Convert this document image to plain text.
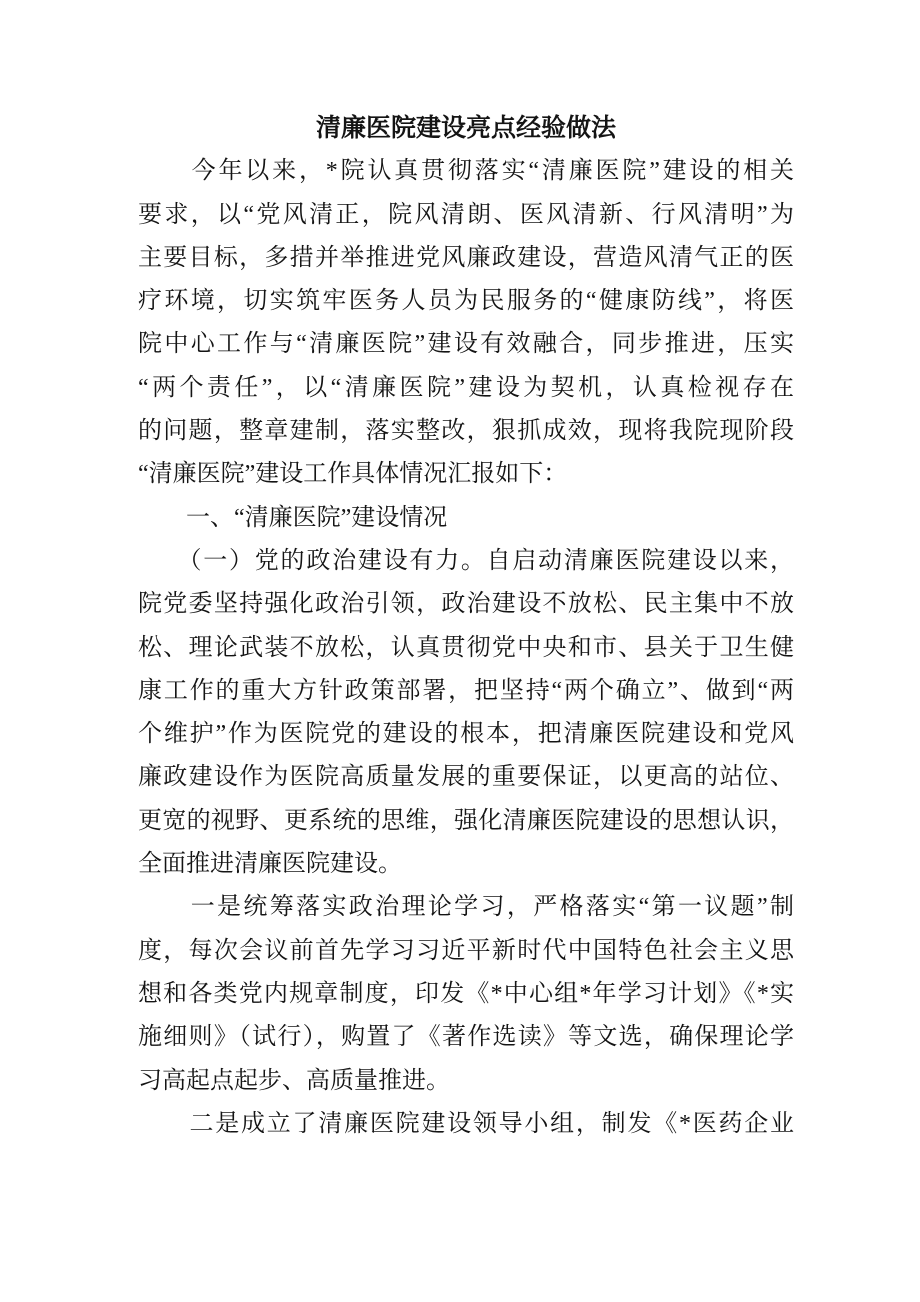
清廉医院建设亮点经验做法
　　今年以来，*院认真贯彻落实“清廉医院”建设的相关
要求，以“党风清正，院风清朗、医风清新、行风清明”为
主要目标，多措并举推进党风廉政建设，营造风清气正的医
疗环境，切实筑牢医务人员为民服务的“健康防线”，将医
院中心工作与“清廉医院”建设有效融合，同步推进，压实
“两个责任”，以“清廉医院”建设为契机，认真检视存在
的问题，整章建制，落实整改，狠抓成效，现将我院现阶段
“清廉医院”建设工作具体情况汇报如下：
　　一、“清廉医院”建设情况
　　（一）党的政治建设有力。自启动清廉医院建设以来，
院党委坚持强化政治引领，政治建设不放松、民主集中不放
松、理论武装不放松，认真贯彻党中央和市、县关于卫生健
康工作的重大方针政策部署，把坚持“两个确立”、做到“两
个维护”作为医院党的建设的根本，把清廉医院建设和党风
廉政建设作为医院高质量发展的重要保证，以更高的站位、
更宽的视野、更系统的思维，强化清廉医院建设的思想认识，
全面推进清廉医院建设。
　　一是统筹落实政治理论学习，严格落实“第一议题”制
度，每次会议前首先学习习近平新时代中国特色社会主义思
想和各类党内规章制度，印发《*中心组*年学习计划》《*实
施细则》（试行），购置了《著作选读》等文选，确保理论学
习高起点起步、高质量推进。
　　二是成立了清廉医院建设领导小组，制发《*医药企业
